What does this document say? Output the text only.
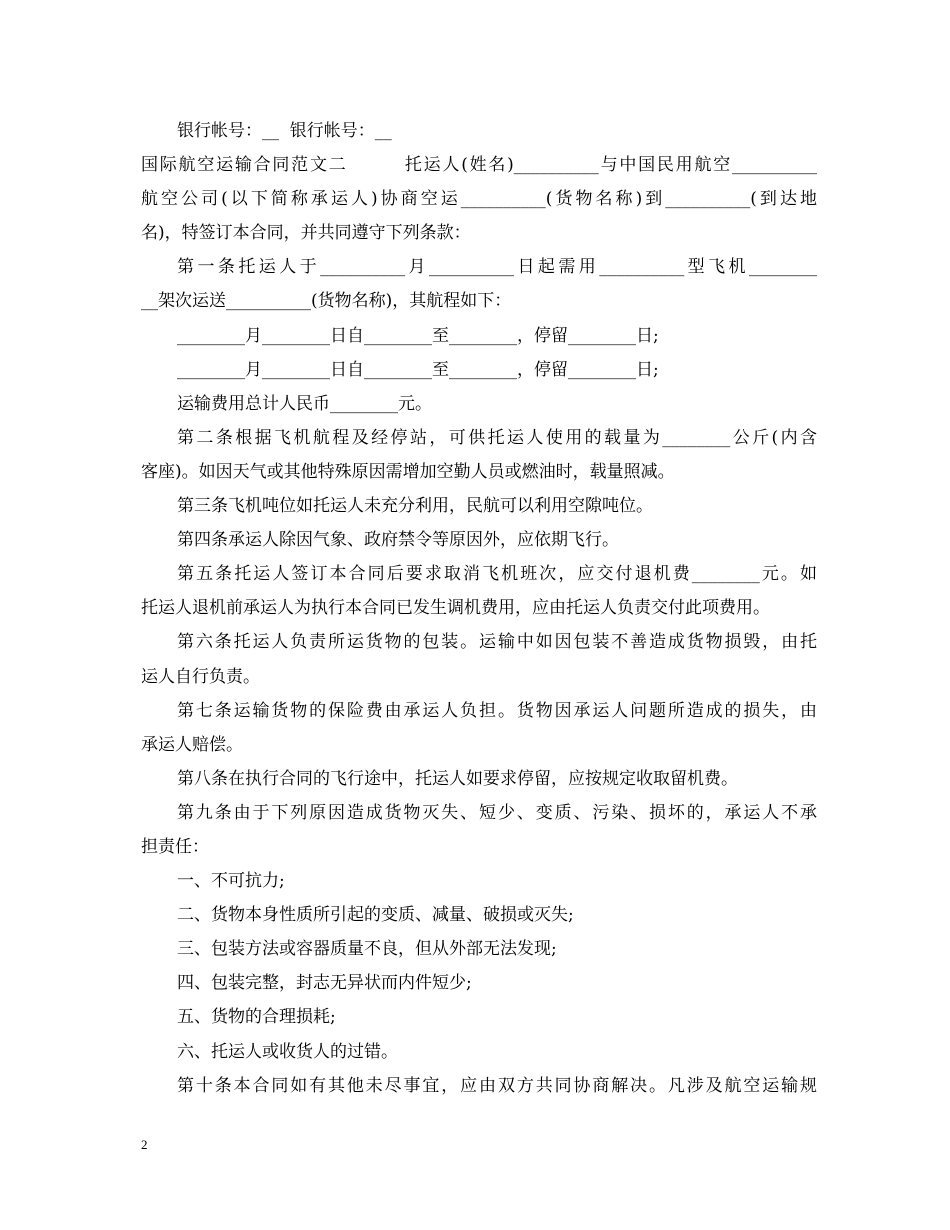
银行帐号：__  银行帐号：__
国际航空运输合同范文二        托运人(姓名)__________与中国民用航空__________
航空公司(以下简称承运人)协商空运__________(货物名称)到__________(到达地
名)，特签订本合同，并共同遵守下列条款：
第一条托运人于__________月__________日起需用__________型飞机________
__架次运送__________(货物名称)，其航程如下：
________月________日自________至________，停留________日;
________月________日自________至________，停留________日;
运输费用总计人民币________元。
第二条根据飞机航程及经停站，可供托运人使用的载量为________公斤(内含
客座)。如因天气或其他特殊原因需增加空勤人员或燃油时，载量照减。
第三条飞机吨位如托运人未充分利用，民航可以利用空隙吨位。
第四条承运人除因气象、政府禁令等原因外，应依期飞行。
第五条托运人签订本合同后要求取消飞机班次，应交付退机费________元。如
托运人退机前承运人为执行本合同已发生调机费用，应由托运人负责交付此项费用。
第六条托运人负责所运货物的包装。运输中如因包装不善造成货物损毁，由托
运人自行负责。
第七条运输货物的保险费由承运人负担。货物因承运人问题所造成的损失，由
承运人赔偿。
第八条在执行合同的飞行途中，托运人如要求停留，应按规定收取留机费。
第九条由于下列原因造成货物灭失、短少、变质、污染、损坏的，承运人不承
担责任：
一、不可抗力;
二、货物本身性质所引起的变质、减量、破损或灭失;
三、包装方法或容器质量不良，但从外部无法发现;
四、包装完整，封志无异状而内件短少;
五、货物的合理损耗;
六、托运人或收货人的过错。
第十条本合同如有其他未尽事宜，应由双方共同协商解决。凡涉及航空运输规
2
